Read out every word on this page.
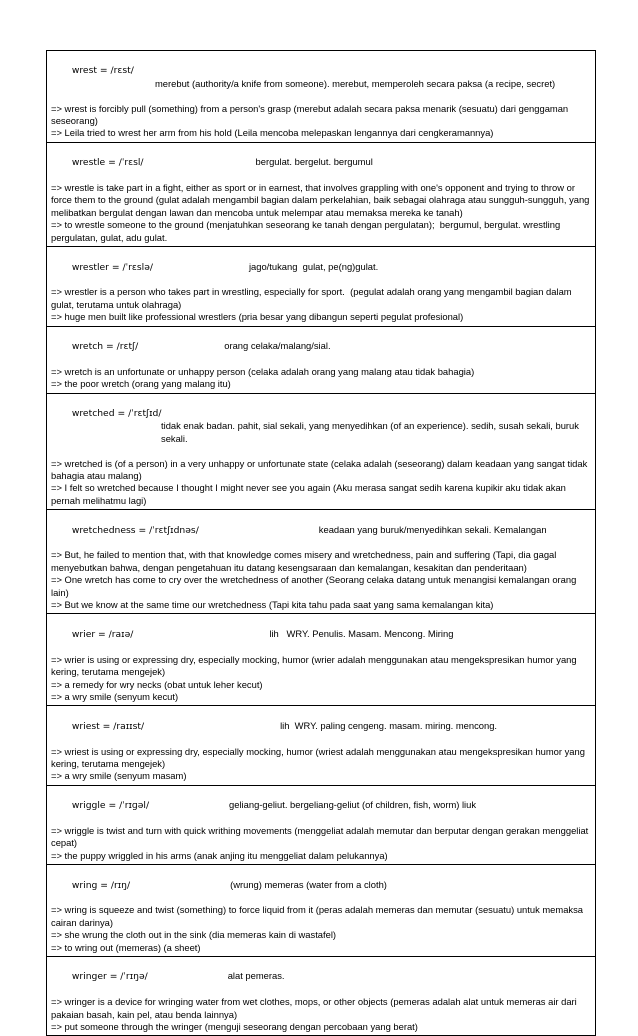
wrest = /rɛst/merebut (authority/a knife from someone). merebut, memperoleh secara paksa (a recipe, secret)

=> wrest is forcibly pull (something) from a person's grasp (merebut adalah secara paksa menarik (sesuatu) dari genggaman seseorang)
=> Leila tried to wrest her arm from his hold (Leila mencoba melepaskan lengannya dari cengkeramannya)

wrestle = /ˈrɛsl/	bergulat. bergelut. bergumul

=> wrestle is take part in a fight, either as sport or in earnest, that involves grappling with one's opponent and trying to throw or force them to the ground (gulat adalah mengambil bagian dalam perkelahian, baik sebagai olahraga atau sungguh-sungguh, yang melibatkan bergulat dengan lawan dan mencoba untuk melempar atau memaksa mereka ke tanah)
=> to wrestle someone to the ground (menjatuhkan seseorang ke tanah dengan pergulatan);  bergumul, bergulat. wrestling  pergulatan, gulat, adu gulat.

wrestler = /ˈrɛslə/	jago/tukang  gulat, pe(ng)gulat.

=> wrestler is a person who takes part in wrestling, especially for sport.  (pegulat adalah orang yang mengambil bagian dalam gulat, terutama untuk olahraga)
=> huge men built like professional wrestlers (pria besar yang dibangun seperti pegulat profesional)

wretch = /rɛtʃ/	orang celaka/malang/sial.

=> wretch is an unfortunate or unhappy person (celaka adalah orang yang malang atau tidak bahagia)
=> the poor wretch (orang yang malang itu)

wretched = /ˈrɛtʃɪd/tidak enak badan. pahit, sial sekali, yang menyedihkan (of an experience). sedih, susah sekali, buruk sekali.

=> wretched is (of a person) in a very unhappy or unfortunate state (celaka adalah (seseorang) dalam keadaan yang sangat tidak bahagia atau malang)
=> I felt so wretched because I thought I might never see you again (Aku merasa sangat sedih karena kupikir aku tidak akan pernah melihatmu lagi)

wretchedness = /ˈrɛtʃɪdnəs/	keadaan yang buruk/menyedihkan sekali. Kemalangan

=> But, he failed to mention that, with that knowledge comes misery and wretchedness, pain and suffering (Tapi, dia gagal menyebutkan bahwa, dengan pengetahuan itu datang kesengsaraan dan kemalangan, kesakitan dan penderitaan)
=> One wretch has come to cry over the wretchedness of another (Seorang celaka datang untuk menangisi kemalangan orang lain)
=> But we know at the same time our wretchedness (Tapi kita tahu pada saat yang sama kemalangan kita)

wrier = /raɪə/	lih   WRY. Penulis. Masam. Mencong. Miring

=> wrier is using or expressing dry, especially mocking, humor (wrier adalah menggunakan atau mengekspresikan humor yang kering, terutama mengejek)
=> a remedy for wry necks (obat untuk leher kecut)
=> a wry smile (senyum kecut)

wriest = /raɪɪst/	lih  WRY. paling cengeng. masam. miring. mencong.

=> wriest is using or expressing dry, especially mocking, humor (wriest adalah menggunakan atau mengekspresikan humor yang kering, terutama mengejek)
=> a wry smile (senyum masam)

wriggle = /ˈrɪɡəl/	geliang-geliut. bergeliang-geliut (of children, fish, worm) liuk

=> wriggle is twist and turn with quick writhing movements (menggeliat adalah memutar dan berputar dengan gerakan menggeliat cepat)
=> the puppy wriggled in his arms (anak anjing itu menggeliat dalam pelukannya)

wring = /rɪŋ/	(wrung) memeras (water from a cloth)

=> wring is squeeze and twist (something) to force liquid from it (peras adalah memeras dan memutar (sesuatu) untuk memaksa cairan darinya)
=> she wrung the cloth out in the sink (dia memeras kain di wastafel)
=> to wring out (memeras) (a sheet)

wringer = /ˈrɪŋə/	alat pemeras.

=> wringer is a device for wringing water from wet clothes, mops, or other objects (pemeras adalah alat untuk memeras air dari pakaian basah, kain pel, atau benda lainnya)
=> put someone through the wringer (menguji seseorang dengan percobaan yang berat)
